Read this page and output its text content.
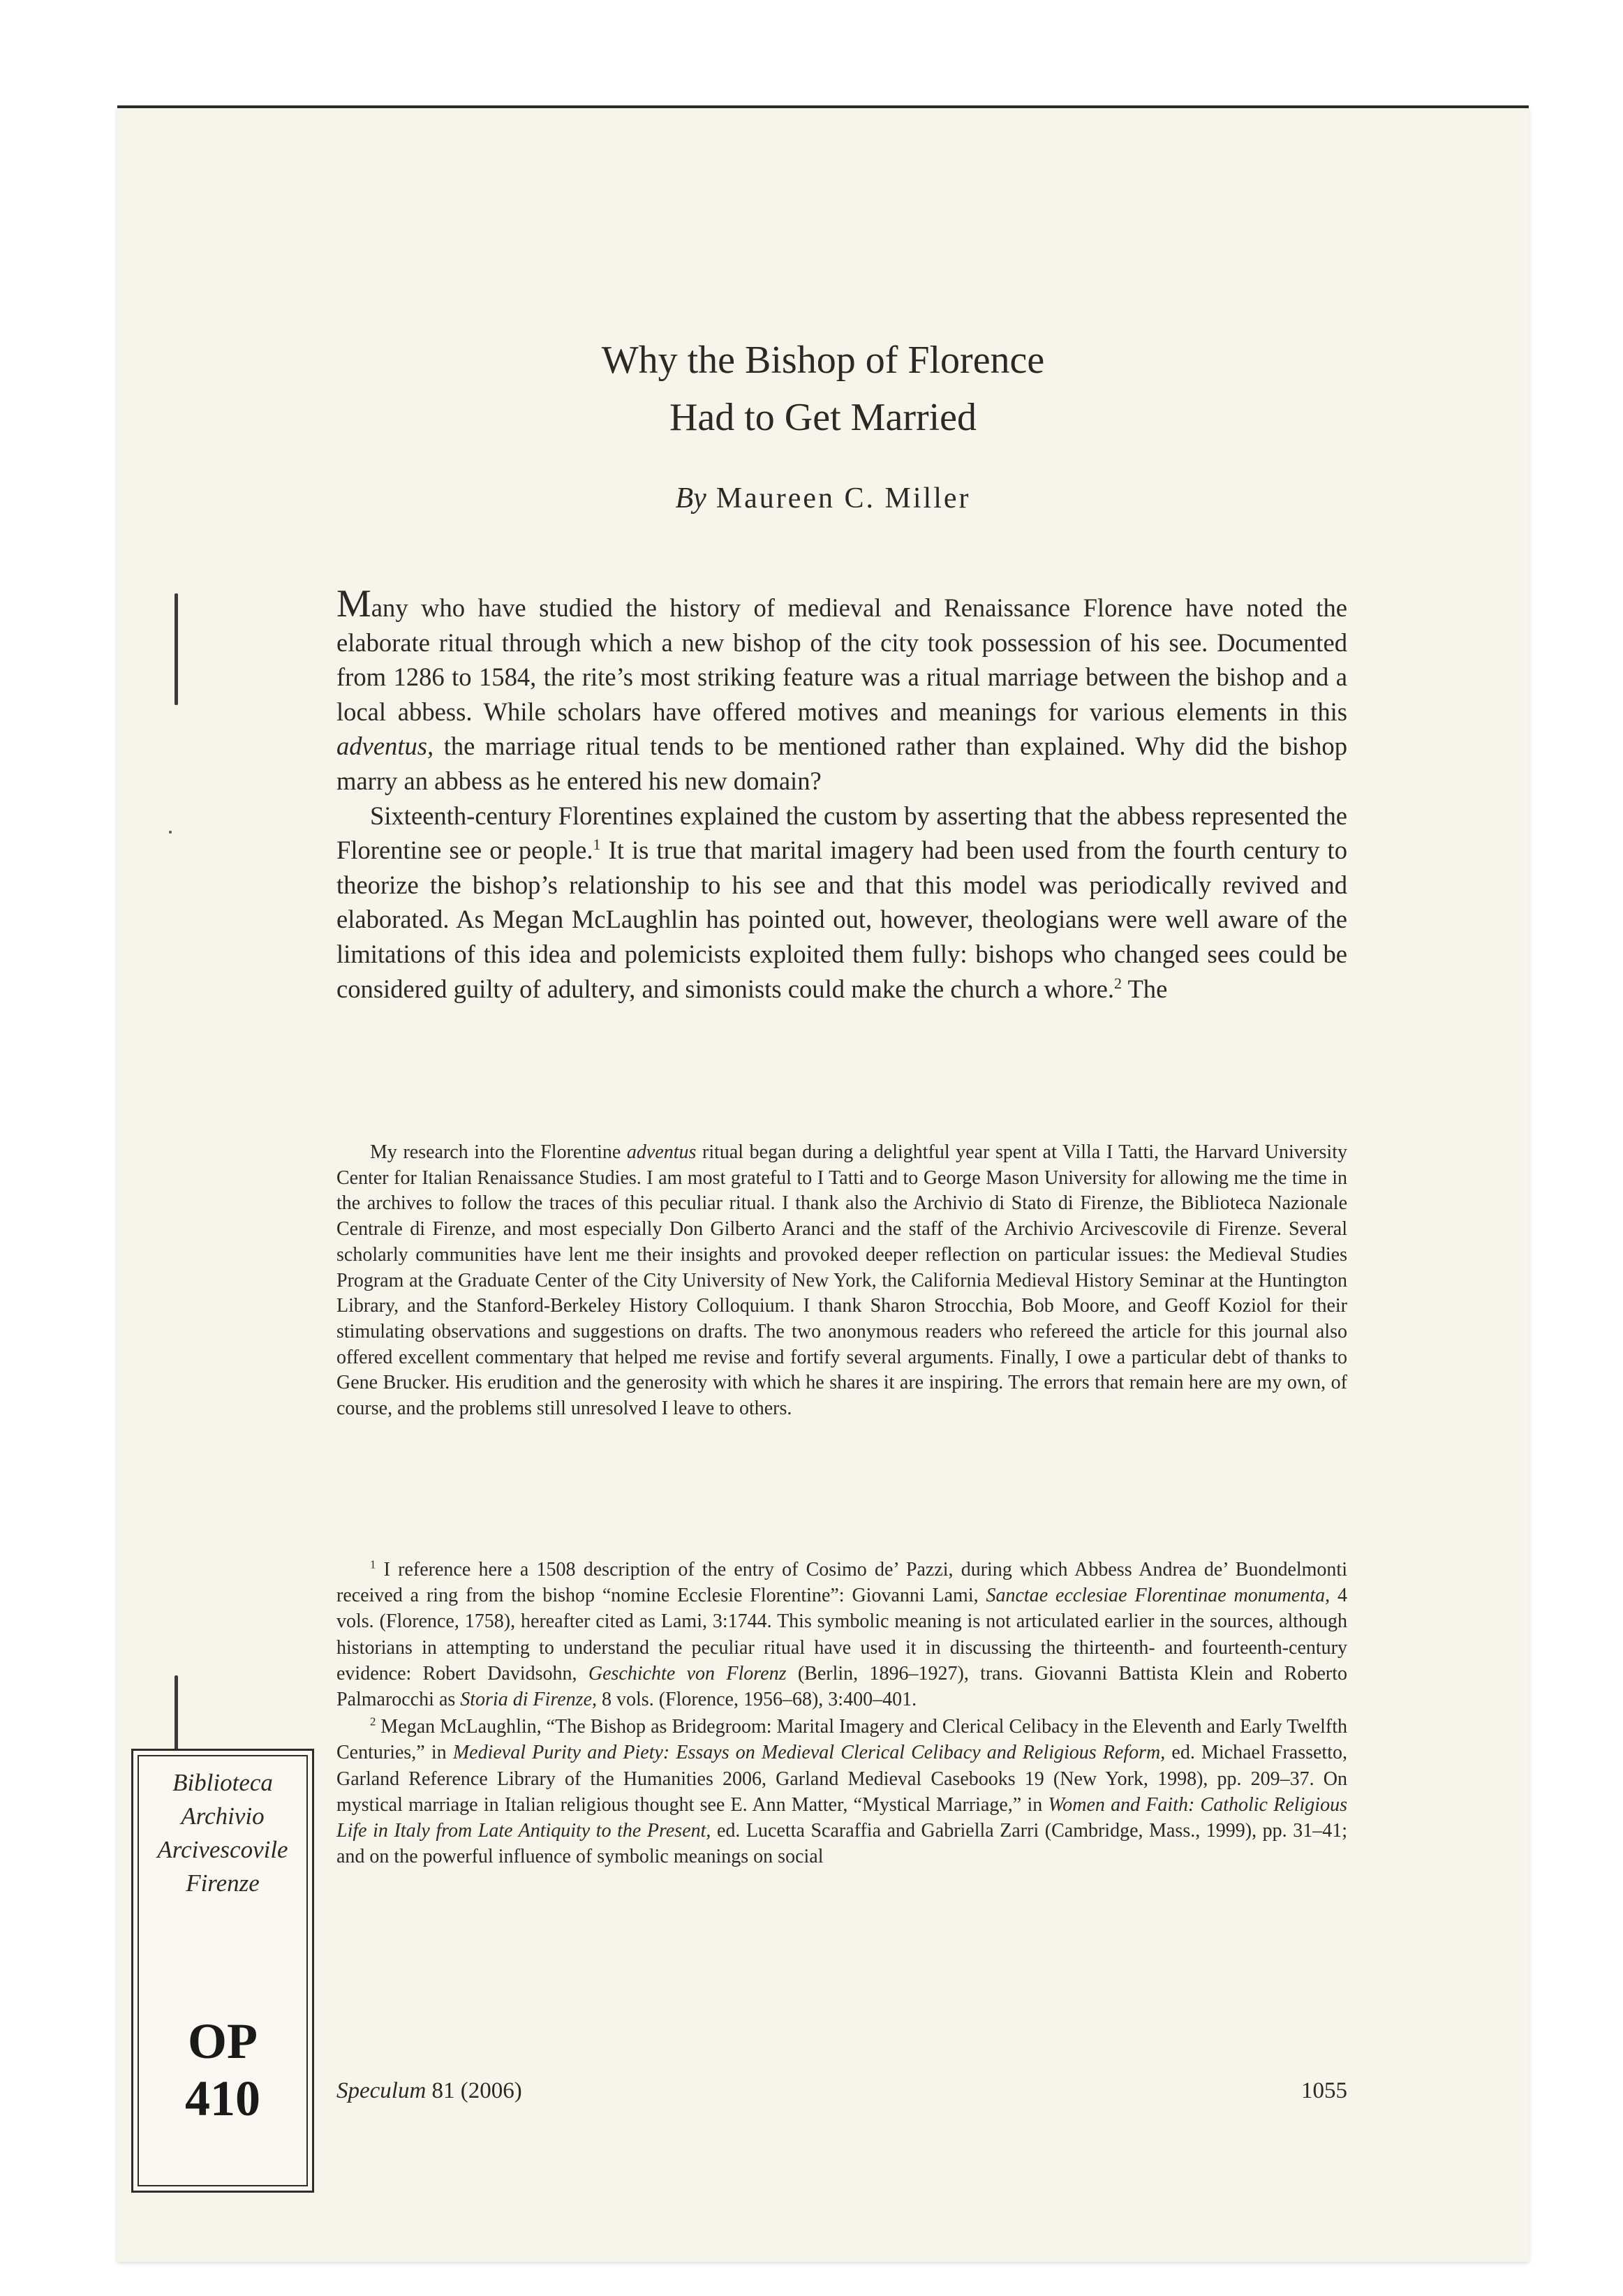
Why the Bishop of Florence
Had to Get Married
By Maureen C. Miller

Many who have studied the history of medieval and Renaissance Florence have noted the elaborate ritual through which a new bishop of the city took possession of his see. Documented from 1286 to 1584, the rite’s most striking feature was a ritual marriage between the bishop and a local abbess. While scholars have offered motives and meanings for various elements in this adventus, the marriage ritual tends to be mentioned rather than explained. Why did the bishop marry an abbess as he entered his new domain?

Sixteenth-century Florentines explained the custom by asserting that the abbess represented the Florentine see or people.$^1$ It is true that marital imagery had been used from the fourth century to theorize the bishop’s relationship to his see and that this model was periodically revived and elaborated. As Megan McLaughlin has pointed out, however, theologians were well aware of the limitations of this idea and polemicists exploited them fully: bishops who changed sees could be considered guilty of adultery, and simonists could make the church a whore.$^2$ The

My research into the Florentine adventus ritual began during a delightful year spent at Villa I Tatti, the Harvard University Center for Italian Renaissance Studies. I am most grateful to I Tatti and to George Mason University for allowing me the time in the archives to follow the traces of this peculiar ritual. I thank also the Archivio di Stato di Firenze, the Biblioteca Nazionale Centrale di Firenze, and most especially Don Gilberto Aranci and the staff of the Archivio Arcivescovile di Firenze. Several scholarly communities have lent me their insights and provoked deeper reflection on particular issues: the Medieval Studies Program at the Graduate Center of the City University of New York, the California Medieval History Seminar at the Huntington Library, and the Stanford-Berkeley History Colloquium. I thank Sharon Strocchia, Bob Moore, and Geoff Koziol for their stimulating observations and suggestions on drafts. The two anonymous readers who refereed the article for this journal also offered excellent commentary that helped me revise and fortify several arguments. Finally, I owe a particular debt of thanks to Gene Brucker. His erudition and the generosity with which he shares it are inspiring. The errors that remain here are my own, of course, and the problems still unresolved I leave to others.

$^1$ I reference here a 1508 description of the entry of Cosimo de’ Pazzi, during which Abbess Andrea de’ Buondelmonti received a ring from the bishop “nomine Ecclesie Florentine”: Giovanni Lami, Sanctae ecclesiae Florentinae monumenta, 4 vols. (Florence, 1758), hereafter cited as Lami, 3:1744. This symbolic meaning is not articulated earlier in the sources, although historians in attempting to understand the peculiar ritual have used it in discussing the thirteenth- and fourteenth-century evidence: Robert Davidsohn, Geschichte von Florenz (Berlin, 1896–1927), trans. Giovanni Battista Klein and Roberto Palmarocchi as Storia di Firenze, 8 vols. (Florence, 1956–68), 3:400–401.

$^2$ Megan McLaughlin, “The Bishop as Bridegroom: Marital Imagery and Clerical Celibacy in the Eleventh and Early Twelfth Centuries,” in Medieval Purity and Piety: Essays on Medieval Clerical Celibacy and Religious Reform, ed. Michael Frassetto, Garland Reference Library of the Humanities 2006, Garland Medieval Casebooks 19 (New York, 1998), pp. 209–37. On mystical marriage in Italian religious thought see E. Ann Matter, “Mystical Marriage,” in Women and Faith: Catholic Religious Life in Italy from Late Antiquity to the Present, ed. Lucetta Scaraffia and Gabriella Zarri (Cambridge, Mass., 1999), pp. 31–41; and on the powerful influence of symbolic meanings on social

Speculum 81 (2006)	1055
Biblioteca
Archivio
Arcivescovile
Firenze
OP
410
